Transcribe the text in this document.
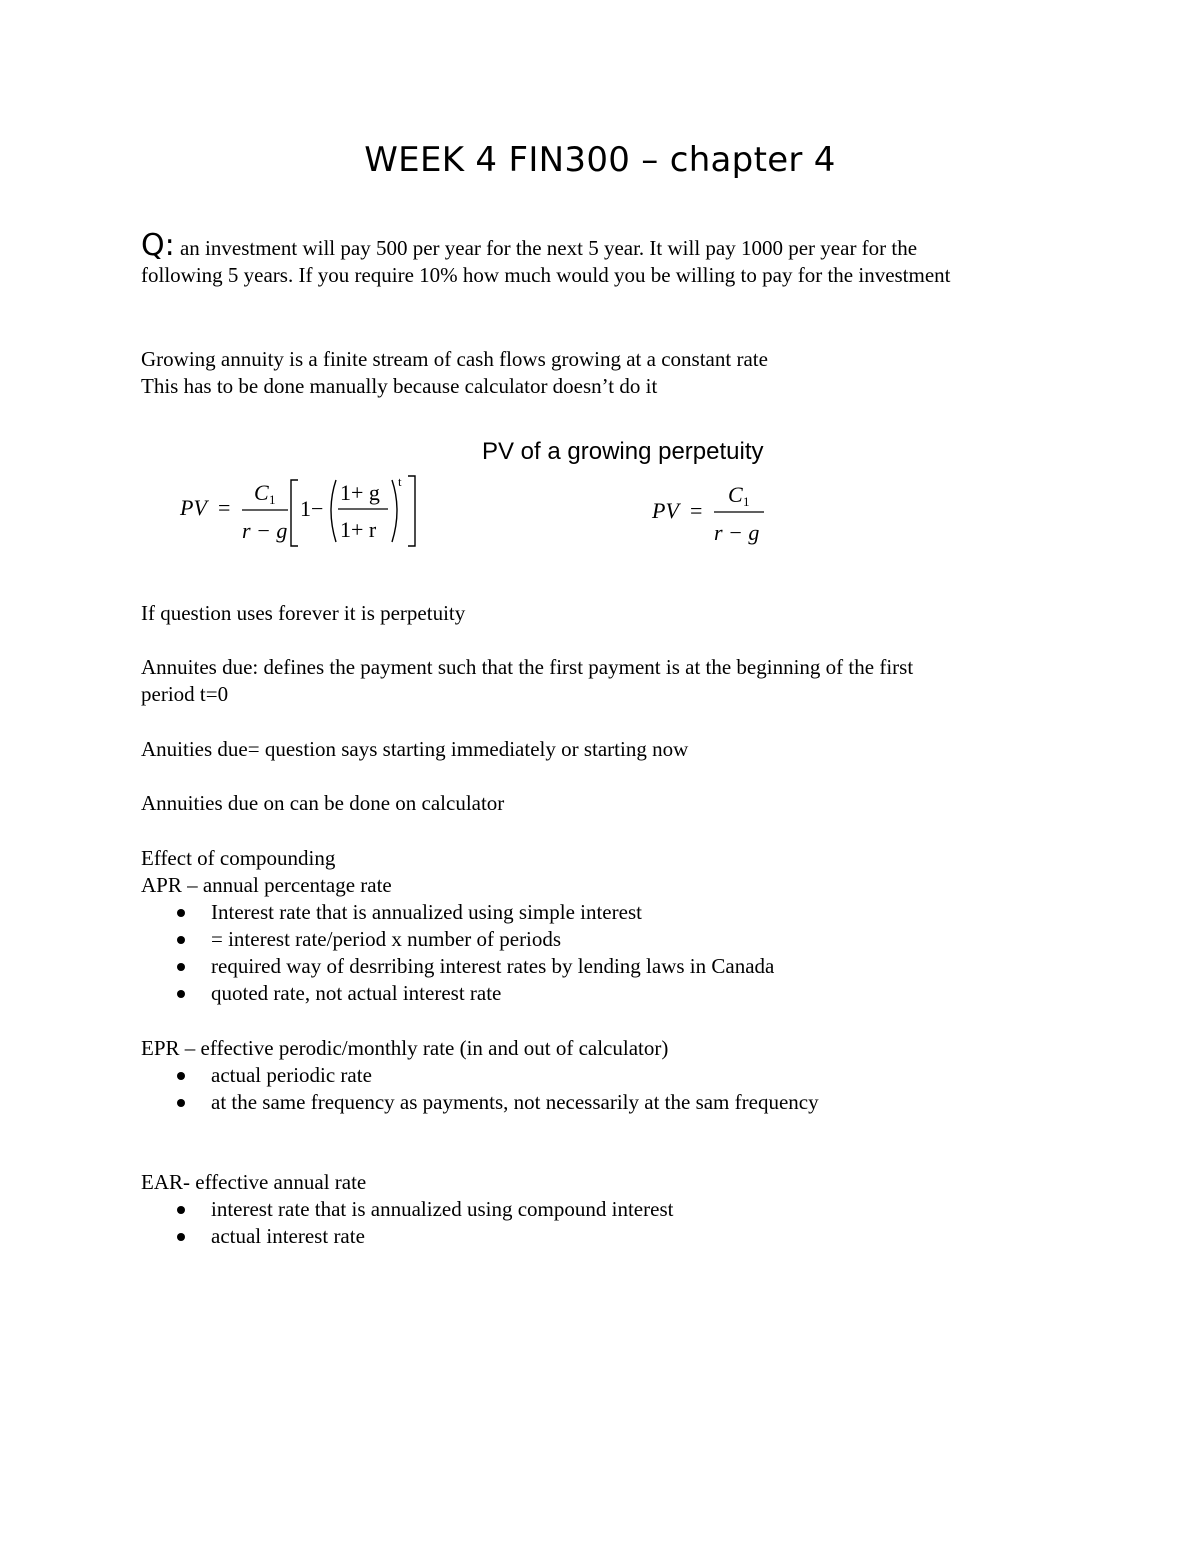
WEEK 4 FIN300 – chapter 4
Q: an investment will pay 500 per year for the next 5 year. It will pay 1000 per year for the
following 5 years. If you require 10% how much would you be willing to pay for the investment
Growing annuity is a finite stream of cash flows growing at a constant rate
This has to be done manually because calculator doesn’t do it
PV =
C 1
r − g
1−
1+ g
1+ r
t
PV of a growing perpetuity
PV =
C 1
r − g
If question uses forever it is perpetuity
Annuites due: defines the payment such that the first payment is at the beginning of the first
period t=0
Anuities due= question says starting immediately or starting now
Annuities due on can be done on calculator
Effect of compounding
APR – annual percentage rate
Interest rate that is annualized using simple interest
= interest rate/period x number of periods
required way of desrribing interest rates by lending laws in Canada
quoted rate, not actual interest rate
EPR – effective perodic/monthly rate (in and out of calculator)
actual periodic rate
at the same frequency as payments, not necessarily at the sam frequency
EAR- effective annual rate
interest rate that is annualized using compound interest
actual interest rate
